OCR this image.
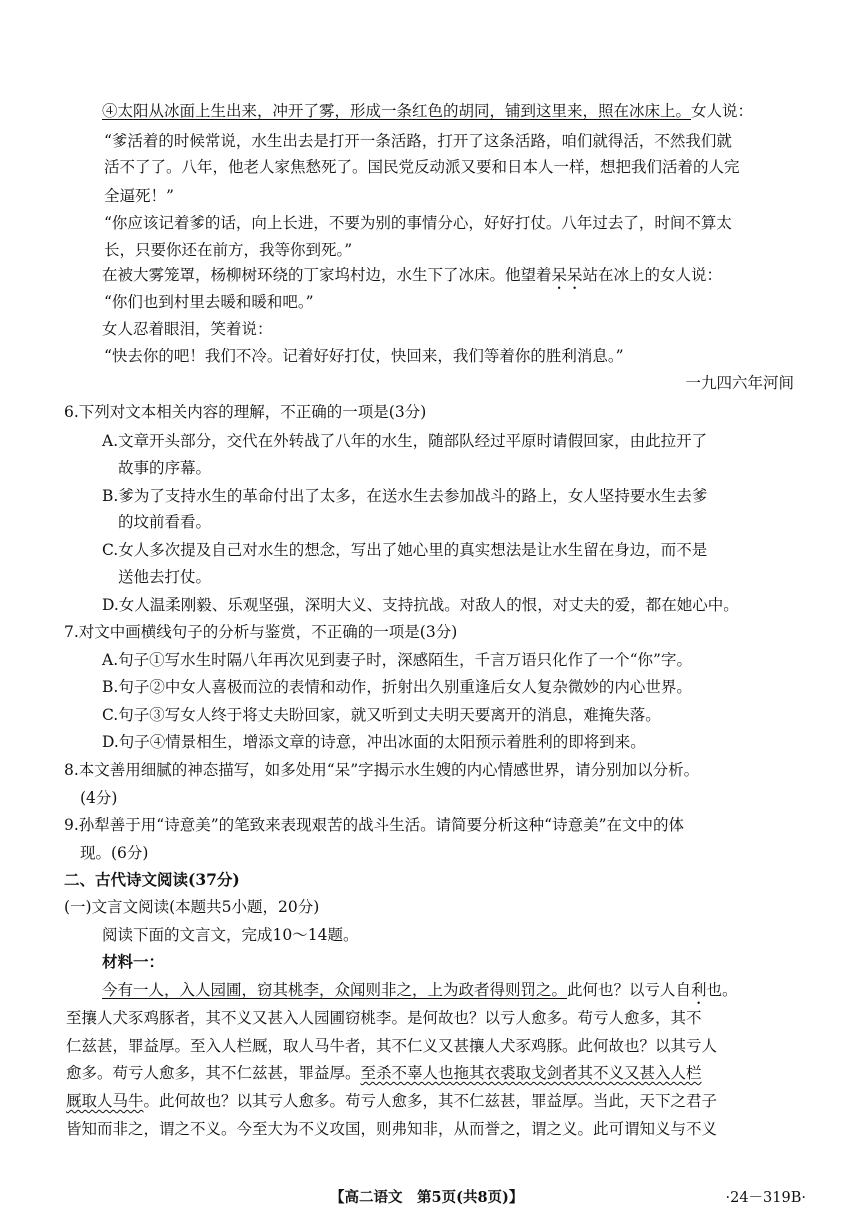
④太阳从冰面上生出来，冲开了雾，形成一条红色的胡同，铺到这里来，照在冰床上。女人说：
“爹活着的时候常说，水生出去是打开一条活路，打开了这条活路，咱们就得活，不然我们就
活不了了。八年，他老人家焦愁死了。国民党反动派又要和日本人一样，想把我们活着的人完
全逼死！”
“你应该记着爹的话，向上长进，不要为别的事情分心，好好打仗。八年过去了，时间不算太
长，只要你还在前方，我等你到死。”
在被大雾笼罩，杨柳树环绕的丁家坞村边，水生下了冰床。他望着呆呆站在冰上的女人说：
“你们也到村里去暖和暖和吧。”
女人忍着眼泪，笑着说：
“快去你的吧！我们不冷。记着好好打仗，快回来，我们等着你的胜利消息。”
一九四六年河间
6.下列对文本相关内容的理解，不正确的一项是(3分)
A.文章开头部分，交代在外转战了八年的水生，随部队经过平原时请假回家，由此拉开了
故事的序幕。
B.爹为了支持水生的革命付出了太多，在送水生去参加战斗的路上，女人坚持要水生去爹
的坟前看看。
C.女人多次提及自己对水生的想念，写出了她心里的真实想法是让水生留在身边，而不是
送他去打仗。
D.女人温柔刚毅、乐观坚强，深明大义、支持抗战。对敌人的恨，对丈夫的爱，都在她心中。
7.对文中画横线句子的分析与鉴赏，不正确的一项是(3分)
A.句子①写水生时隔八年再次见到妻子时，深感陌生，千言万语只化作了一个“你”字。
B.句子②中女人喜极而泣的表情和动作，折射出久别重逢后女人复杂微妙的内心世界。
C.句子③写女人终于将丈夫盼回家，就又听到丈夫明天要离开的消息，难掩失落。
D.句子④情景相生，增添文章的诗意，冲出冰面的太阳预示着胜利的即将到来。
8.本文善用细腻的神态描写，如多处用“呆”字揭示水生嫂的内心情感世界，请分别加以分析。
(4分)
9.孙犁善于用“诗意美”的笔致来表现艰苦的战斗生活。请简要分析这种“诗意美”在文中的体
现。(6分)
二、古代诗文阅读(37分)
(一)文言文阅读(本题共5小题，20分)
阅读下面的文言文，完成10～14题。
材料一：
今有一人，入人园圃，窃其桃李，众闻则非之，上为政者得则罚之。此何也？以亏人自利也。
至攘人犬豕鸡豚者，其不义又甚入人园圃窃桃李。是何故也？以亏人愈多。苟亏人愈多，其不
仁兹甚，罪益厚。至入人栏厩，取人马牛者，其不仁义又甚攘人犬豕鸡豚。此何故也？以其亏人
愈多。苟亏人愈多，其不仁兹甚，罪益厚。至杀不辜人也拖其衣裘取戈剑者其不义又甚入人栏
厩取人马牛。此何故也？以其亏人愈多。苟亏人愈多，其不仁兹甚，罪益厚。当此，天下之君子
皆知而非之，谓之不义。今至大为不义攻国，则弗知非，从而誉之，谓之义。此可谓知义与不义
【高二语文　第5页(共8页)】	·24－319B·
